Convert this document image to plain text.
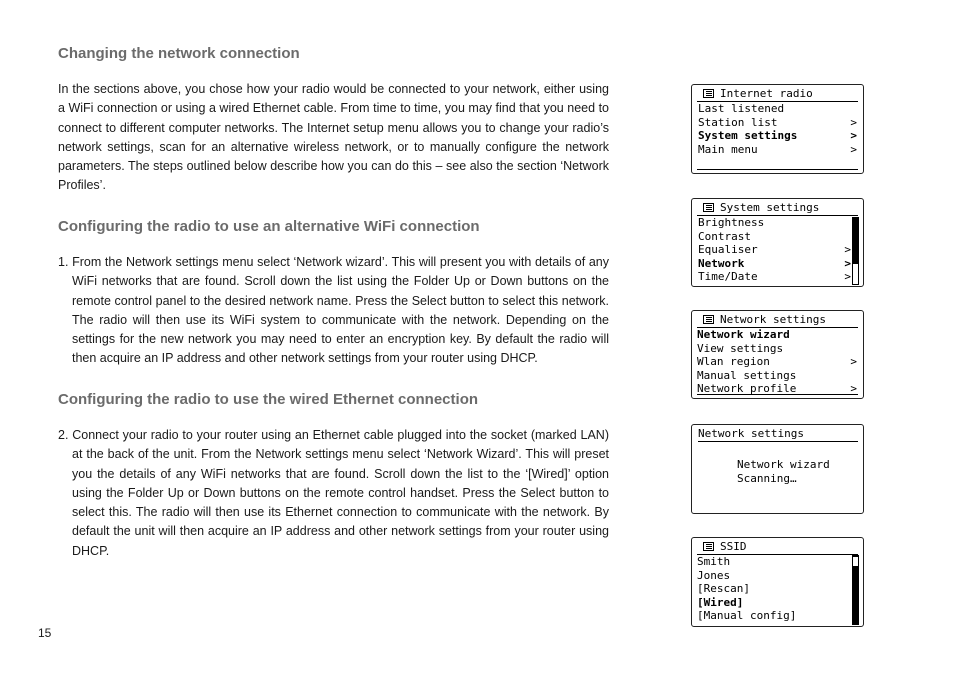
Changing the network connection

In the sections above, you chose how your radio would be connected to your network, either using a WiFi connection or using a wired Ethernet cable. From time to time, you may find that you need to connect to different computer networks. The Internet setup menu allows you to change your radio’s network settings, scan for an alternative wireless network, or to manually configure the network parameters. The steps outlined below describe how you can do this – see also the section ‘Network Profiles’.

Configuring the radio to use an alternative WiFi connection

1. From the Network settings menu select ‘Network wizard’. This will present you with details of any WiFi networks that are found. Scroll down the list using the Folder Up or Down buttons on the remote control panel to the desired network name. Press the Select button to select this network. The radio will then use its WiFi system to communicate with the network. Depending on the settings for the new network you may need to enter an encryption key. By default the radio will then acquire an IP address and other network settings from your router using DHCP.

Configuring the radio to use the wired Ethernet connection

2. Connect your radio to your router using an Ethernet cable plugged into the socket (marked LAN) at the back of the unit. From the Network settings menu select ‘Network Wizard’. This will preset you the details of any WiFi networks that are found. Scroll down the list to the ‘[Wired]’ option using the Folder Up or Down buttons on the remote control handset. Press the Select button to select this. The radio will then use its Ethernet connection to communicate with the network. By default the unit will then acquire an IP address and other network settings from your router using DHCP.

15
Internet radio
Last listened
Station list	>
System settings	>
Main menu	>
System settings
Brightness
Contrast
Equaliser	>
Network	>
Time/Date	>
Network settings
Network wizard
View settings
Wlan region	>
Manual settings
Network profile	>
Network settings
Network wizard
Scanning…
SSID
Smith
Jones
[Rescan]
[Wired]
[Manual config]
